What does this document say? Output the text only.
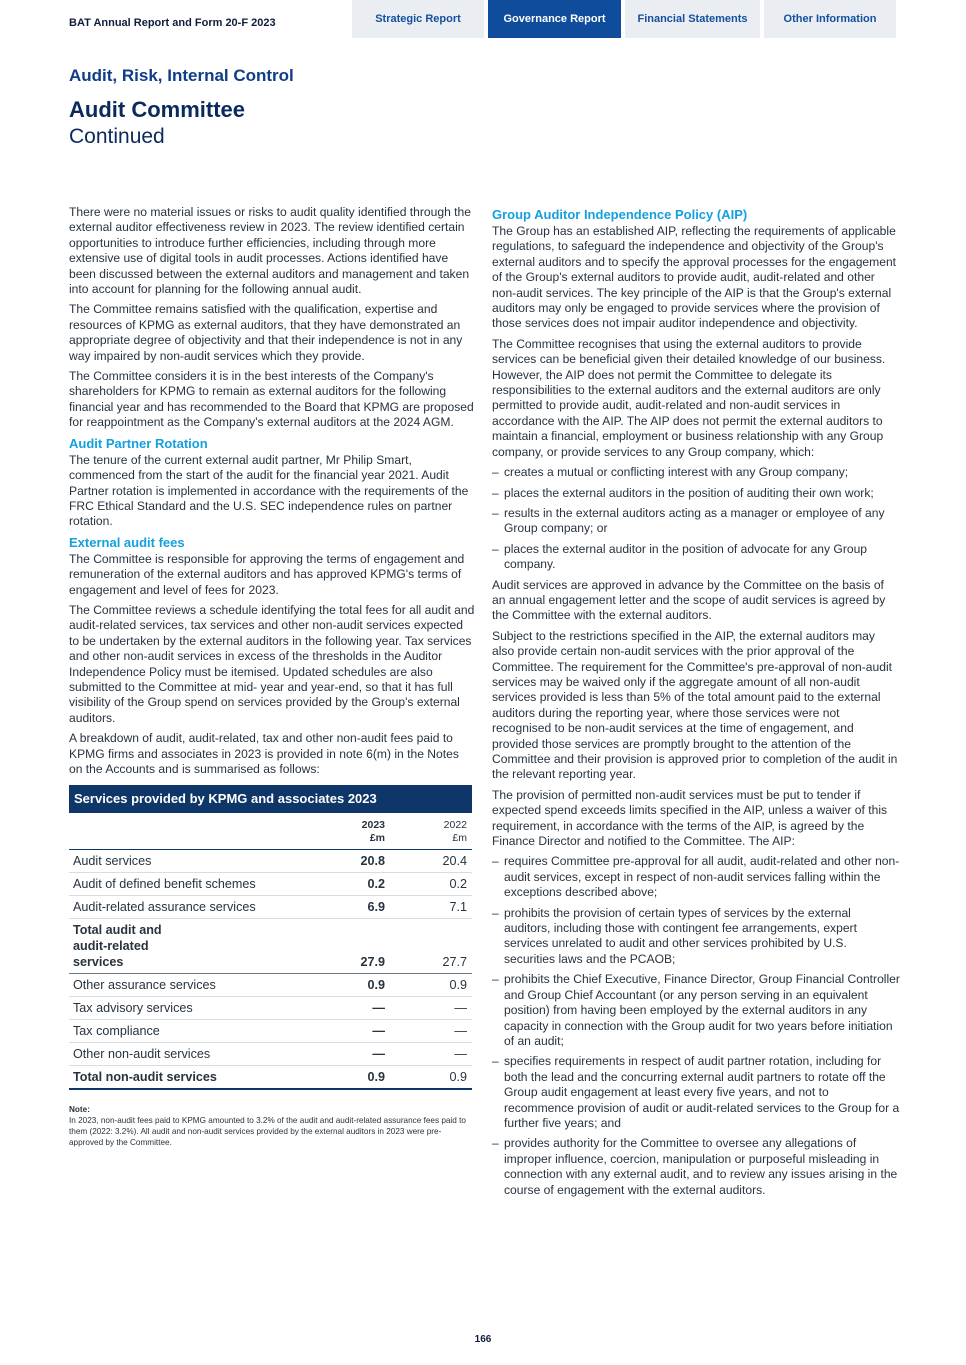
BAT Annual Report and Form 20-F 2023	Strategic Report	Governance Report	Financial Statements	Other Information
Audit, Risk, Internal Control
Audit Committee
Continued

There were no material issues or risks to audit quality identified through the external auditor effectiveness review in 2023. The review identified certain opportunities to introduce further efficiencies, including through more extensive use of digital tools in audit processes. Actions identified have been discussed between the external auditors and management and taken into account for planning for the following annual audit.

The Committee remains satisfied with the qualification, expertise and resources of KPMG as external auditors, that they have demonstrated an appropriate degree of objectivity and that their independence is not in any way impaired by non-audit services which they provide.

The Committee considers it is in the best interests of the Company's shareholders for KPMG to remain as external auditors for the following financial year and has recommended to the Board that KPMG are proposed for reappointment as the Company's external auditors at the 2024 AGM.

Audit Partner Rotation

The tenure of the current external audit partner, Mr Philip Smart, commenced from the start of the audit for the financial year 2021. Audit Partner rotation is implemented in accordance with the requirements of the FRC Ethical Standard and the U.S. SEC independence rules on partner rotation.

External audit fees

The Committee is responsible for approving the terms of engagement and remuneration of the external auditors and has approved KPMG's terms of engagement and level of fees for 2023.

The Committee reviews a schedule identifying the total fees for all audit and audit-related services, tax services and other non-audit services expected to be undertaken by the external auditors in the following year. Tax services and other non-audit services in excess of the thresholds in the Auditor Independence Policy must be itemised. Updated schedules are also submitted to the Committee at mid- year and year-end, so that it has full visibility of the Group spend on services provided by the Group's external auditors.

A breakdown of audit, audit-related, tax and other non-audit fees paid to KPMG firms and associates in 2023 is provided in note 6(m) in the Notes on the Accounts and is summarised as follows:

Services provided by KPMG and associates 2023
2023
£m
2022
£m
Audit services	20.8	20.4
Audit of defined benefit schemes	0.2	0.2
Audit-related assurance services	6.9	7.1
Total audit and audit-related services	27.9	27.7
Other assurance services	0.9	0.9
Tax advisory services	—	—
Tax compliance	—	—
Other non-audit services	—	—
Total non-audit services	0.9	0.9
Note:
In 2023, non-audit fees paid to KPMG amounted to 3.2% of the audit and audit-related assurance fees paid to them (2022: 3.2%). All audit and non-audit services provided by the external auditors in 2023 were pre-approved by the Committee.
Group Auditor Independence Policy (AIP)

The Group has an established AIP, reflecting the requirements of applicable regulations, to safeguard the independence and objectivity of the Group's external auditors and to specify the approval processes for the engagement of the Group's external auditors to provide audit, audit-related and other non-audit services. The key principle of the AIP is that the Group's external auditors may only be engaged to provide services where the provision of those services does not impair auditor independence and objectivity.

The Committee recognises that using the external auditors to provide services can be beneficial given their detailed knowledge of our business. However, the AIP does not permit the Committee to delegate its responsibilities to the external auditors and the external auditors are only permitted to provide audit, audit-related and non-audit services in accordance with the AIP. The AIP does not permit the external auditors to maintain a financial, employment or business relationship with any Group company, or provide services to any Group company, which:

– creates a mutual or conflicting interest with any Group company;
– places the external auditors in the position of auditing their own work;
– results in the external auditors acting as a manager or employee of any Group company; or
– places the external auditor in the position of advocate for any Group company.

Audit services are approved in advance by the Committee on the basis of an annual engagement letter and the scope of audit services is agreed by the Committee with the external auditors.

Subject to the restrictions specified in the AIP, the external auditors may also provide certain non-audit services with the prior approval of the Committee. The requirement for the Committee's pre-approval of non-audit services may be waived only if the aggregate amount of all non-audit services provided is less than 5% of the total amount paid to the external auditors during the reporting year, where those services were not recognised to be non-audit services at the time of engagement, and provided those services are promptly brought to the attention of the Committee and their provision is approved prior to completion of the audit in the relevant reporting year.

The provision of permitted non-audit services must be put to tender if expected spend exceeds limits specified in the AIP, unless a waiver of this requirement, in accordance with the terms of the AIP, is agreed by the Finance Director and notified to the Committee. The AIP:

– requires Committee pre-approval for all audit, audit-related and other non-audit services, except in respect of non-audit services falling within the exceptions described above;
– prohibits the provision of certain types of services by the external auditors, including those with contingent fee arrangements, expert services unrelated to audit and other services prohibited by U.S. securities laws and the PCAOB;
– prohibits the Chief Executive, Finance Director, Group Financial Controller and Group Chief Accountant (or any person serving in an equivalent position) from having been employed by the external auditors in any capacity in connection with the Group audit for two years before initiation of an audit;
– specifies requirements in respect of audit partner rotation, including for both the lead and the concurring external audit partners to rotate off the Group audit engagement at least every five years, and not to recommence provision of audit or audit-related services to the Group for a further five years; and
– provides authority for the Committee to oversee any allegations of improper influence, coercion, manipulation or purposeful misleading in connection with any external audit, and to review any issues arising in the course of engagement with the external auditors.
166
